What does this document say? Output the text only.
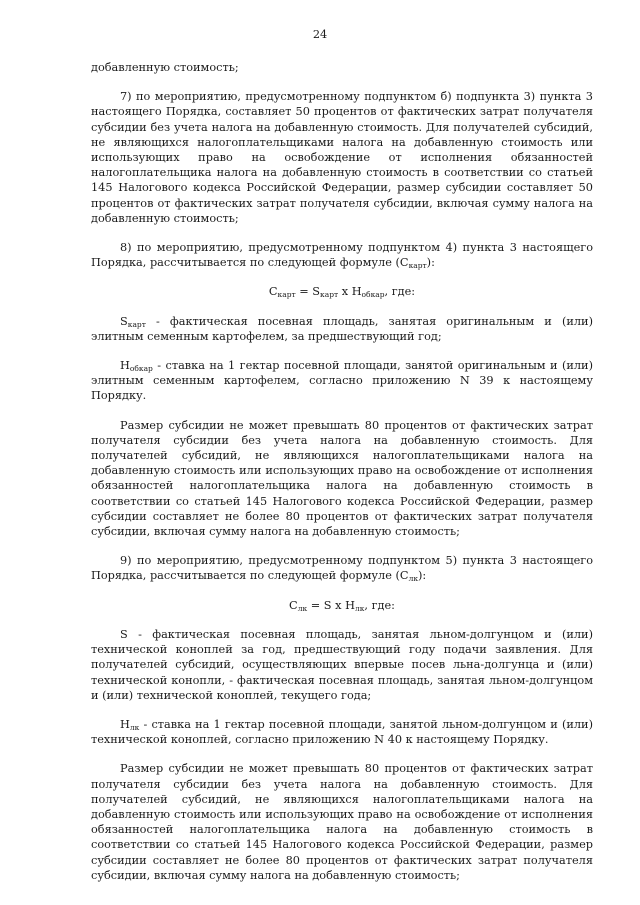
24

добавленную стоимость;

7) по мероприятию, предусмотренному подпунктом б) подпункта 3) пункта 3 настоящего Порядка, составляет 50 процентов от фактических затрат получателя субсидии без учета налога на добавленную стоимость. Для получателей субсидий, не являющихся налогоплательщиками налога на добавленную стоимость или использующих право на освобождение от исполнения обязанностей налогоплательщика налога на добавленную стоимость в соответствии со статьей 145 Налогового кодекса Российской Федерации, размер субсидии составляет 50 процентов от фактических затрат получателя субсидии, включая сумму налога на добавленную стоимость;

8) по мероприятию, предусмотренному подпунктом 4) пункта 3 настоящего Порядка, рассчитывается по следующей формуле $(С_{карт})$:

$С_{карт} = S_{карт}$ x $Н_{обкар}$, где:

$S_{карт}$ - фактическая посевная площадь, занятая оригинальным и (или) элитным семенным картофелем, за предшествующий год;

$Н_{обкар}$ - ставка на 1 гектар посевной площади, занятой оригинальным и (или) элитным семенным картофелем, согласно приложению N 39 к настоящему Порядку.

Размер субсидии не может превышать 80 процентов от фактических затрат получателя субсидии без учета налога на добавленную стоимость. Для получателей субсидий, не являющихся налогоплательщиками налога на добавленную стоимость или использующих право на освобождение от исполнения обязанностей налогоплательщика налога на добавленную стоимость в соответствии со статьей 145 Налогового кодекса Российской Федерации, размер субсидии составляет не более 80 процентов от фактических затрат получателя субсидии, включая сумму налога на добавленную стоимость;

9) по мероприятию, предусмотренному подпунктом 5) пункта 3 настоящего Порядка, рассчитывается по следующей формуле $(С_{лк})$:

$С_{лк} = S$ x $Н_{лк}$, где:

S - фактическая посевная площадь, занятая льном-долгунцом и (или) технической коноплей за год, предшествующий году подачи заявления. Для получателей субсидий, осуществляющих впервые посев льна-долгунца и (или) технической конопли, - фактическая посевная площадь, занятая льном-долгунцом и (или) технической коноплей, текущего года;

$Н_{лк}$ - ставка на 1 гектар посевной площади, занятой льном-долгунцом и (или) технической коноплей, согласно приложению N 40 к настоящему Порядку.

Размер субсидии не может превышать 80 процентов от фактических затрат получателя субсидии без учета налога на добавленную стоимость. Для получателей субсидий, не являющихся налогоплательщиками налога на добавленную стоимость или использующих право на освобождение от исполнения обязанностей налогоплательщика налога на добавленную стоимость в соответствии со статьей 145 Налогового кодекса Российской Федерации, размер субсидии составляет не более 80 процентов от фактических затрат получателя субсидии, включая сумму налога на добавленную стоимость;
